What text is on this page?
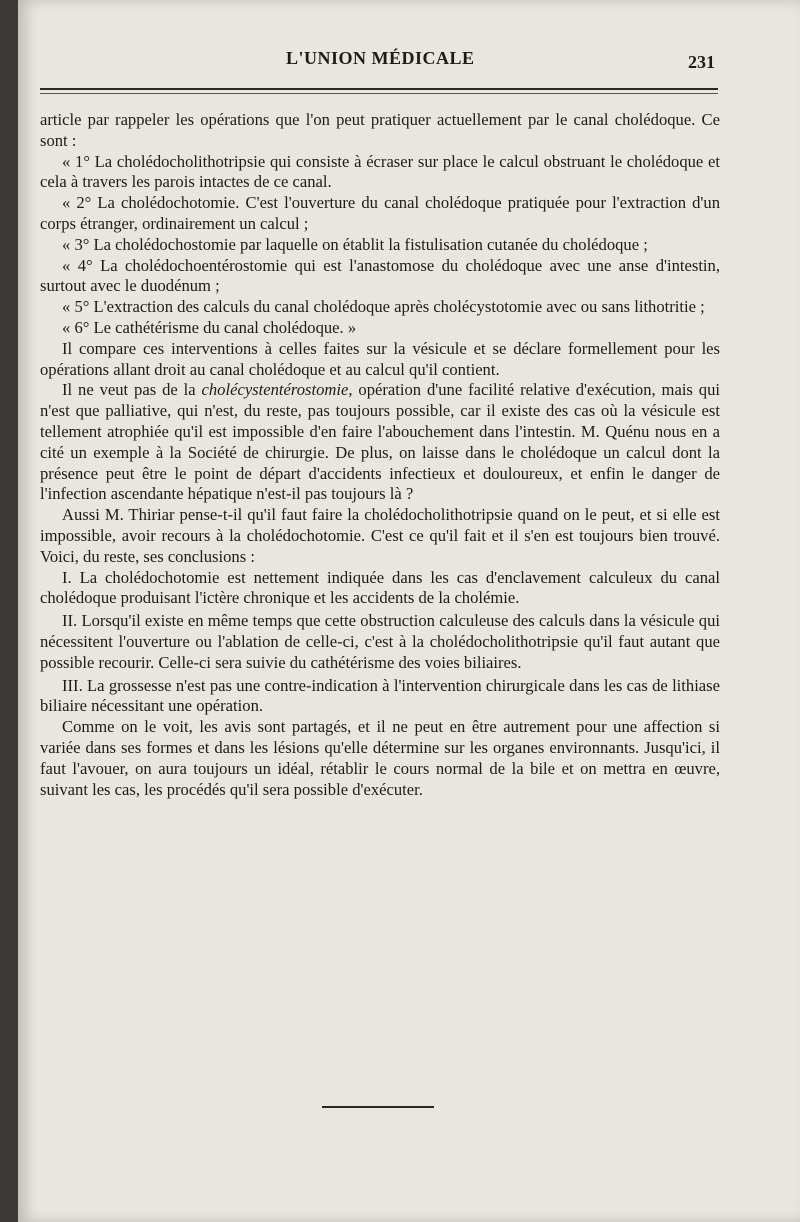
L'UNION MÉDICALE	231

article par rappeler les opérations que l'on peut pratiquer actuellement par le canal cholédoque. Ce sont :

« 1° La cholédocholithotripsie qui consiste à écraser sur place le calcul obstruant le cholédoque et cela à travers les parois intactes de ce canal.

« 2° La cholédochotomie. C'est l'ouverture du canal cholédoque pratiquée pour l'extraction d'un corps étranger, ordinairement un calcul ;

« 3° La cholédochostomie par laquelle on établit la fistulisation cutanée du cholédoque ;

« 4° La cholédochoentérostomie qui est l'anastomose du cholédoque avec une anse d'intestin, surtout avec le duodénum ;

« 5° L'extraction des calculs du canal cholédoque après cholécystotomie avec ou sans lithotritie ;

« 6° Le cathétérisme du canal cholédoque. »

Il compare ces interventions à celles faites sur la vésicule et se déclare formellement pour les opérations allant droit au canal cholédoque et au calcul qu'il contient.

Il ne veut pas de la cholécystentérostomie, opération d'une facilité relative d'exécution, mais qui n'est que palliative, qui n'est, du reste, pas toujours possible, car il existe des cas où la vésicule est tellement atrophiée qu'il est impossible d'en faire l'abouchement dans l'intestin. M. Quénu nous en a cité un exemple à la Société de chirurgie. De plus, on laisse dans le cholédoque un calcul dont la présence peut être le point de départ d'accidents infectieux et douloureux, et enfin le danger de l'infection ascendante hépatique n'est-il pas toujours là ?

Aussi M. Thiriar pense-t-il qu'il faut faire la cholédocholithotripsie quand on le peut, et si elle est impossible, avoir recours à la cholédochotomie. C'est ce qu'il fait et il s'en est toujours bien trouvé. Voici, du reste, ses conclusions :

I. La cholédochotomie est nettement indiquée dans les cas d'enclavement calculeux du canal cholédoque produisant l'ictère chronique et les accidents de la cholémie.

II. Lorsqu'il existe en même temps que cette obstruction calculeuse des calculs dans la vésicule qui nécessitent l'ouverture ou l'ablation de celle-ci, c'est à la cholédocholithotripsie qu'il faut autant que possible recourir. Celle-ci sera suivie du cathétérisme des voies biliaires.

III. La grossesse n'est pas une contre-indication à l'intervention chirurgicale dans les cas de lithiase biliaire nécessitant une opération.

Comme on le voit, les avis sont partagés, et il ne peut en être autrement pour une affection si variée dans ses formes et dans les lésions qu'elle détermine sur les organes environnants. Jusqu'ici, il faut l'avouer, on aura toujours un idéal, rétablir le cours normal de la bile et on mettra en œuvre, suivant les cas, les procédés qu'il sera possible d'exécuter.
